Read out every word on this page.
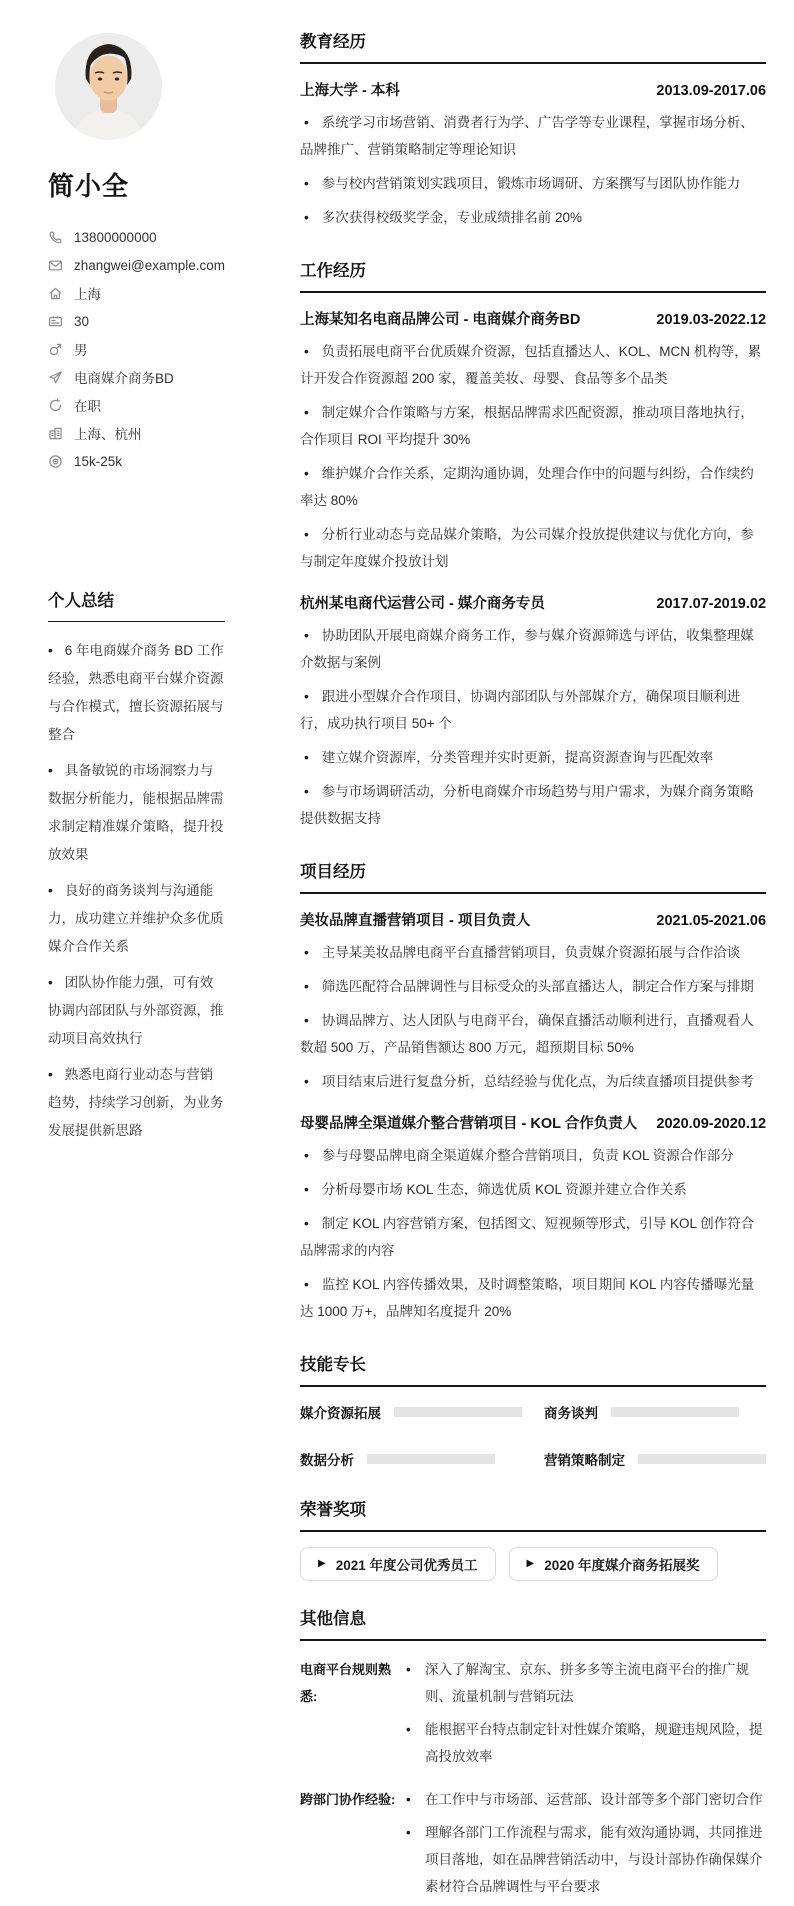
简小全
13800000000
zhangwei@example.com
上海
30
男
电商媒介商务BD
在职
上海、杭州
15k-25k
个人总结
• 6 年电商媒介商务 BD 工作经验，熟悉电商平台媒介资源与合作模式，擅长资源拓展与整合
• 具备敏锐的市场洞察力与数据分析能力，能根据品牌需求制定精准媒介策略，提升投放效果
• 良好的商务谈判与沟通能力，成功建立并维护众多优质媒介合作关系
• 团队协作能力强，可有效协调内部团队与外部资源，推动项目高效执行
• 熟悉电商行业动态与营销趋势，持续学习创新，为业务发展提供新思路
教育经历
上海大学 - 本科	2013.09-2017.06
• 系统学习市场营销、消费者行为学、广告学等专业课程，掌握市场分析、品牌推广、营销策略制定等理论知识
• 参与校内营销策划实践项目，锻炼市场调研、方案撰写与团队协作能力
• 多次获得校级奖学金，专业成绩排名前 20%
工作经历
上海某知名电商品牌公司 - 电商媒介商务BD	2019.03-2022.12
• 负责拓展电商平台优质媒介资源，包括直播达人、KOL、MCN 机构等，累计开发合作资源超 200 家，覆盖美妆、母婴、食品等多个品类
• 制定媒介合作策略与方案，根据品牌需求匹配资源，推动项目落地执行，合作项目 ROI 平均提升 30%
• 维护媒介合作关系，定期沟通协调，处理合作中的问题与纠纷，合作续约率达 80%
• 分析行业动态与竞品媒介策略，为公司媒介投放提供建议与优化方向，参与制定年度媒介投放计划
杭州某电商代运营公司 - 媒介商务专员	2017.07-2019.02
• 协助团队开展电商媒介商务工作，参与媒介资源筛选与评估，收集整理媒介数据与案例
• 跟进小型媒介合作项目，协调内部团队与外部媒介方，确保项目顺利进行，成功执行项目 50+ 个
• 建立媒介资源库，分类管理并实时更新，提高资源查询与匹配效率
• 参与市场调研活动，分析电商媒介市场趋势与用户需求，为媒介商务策略提供数据支持
项目经历
美妆品牌直播营销项目 - 项目负责人	2021.05-2021.06
• 主导某美妆品牌电商平台直播营销项目，负责媒介资源拓展与合作洽谈
• 筛选匹配符合品牌调性与目标受众的头部直播达人，制定合作方案与排期
• 协调品牌方、达人团队与电商平台，确保直播活动顺利进行，直播观看人数超 500 万，产品销售额达 800 万元，超预期目标 50%
• 项目结束后进行复盘分析，总结经验与优化点，为后续直播项目提供参考
母婴品牌全渠道媒介整合营销项目 - KOL 合作负责人 2020.09-2020.12
• 参与母婴品牌电商全渠道媒介整合营销项目，负责 KOL 资源合作部分
• 分析母婴市场 KOL 生态，筛选优质 KOL 资源并建立合作关系
• 制定 KOL 内容营销方案，包括图文、短视频等形式，引导 KOL 创作符合品牌需求的内容
• 监控 KOL 内容传播效果，及时调整策略，项目期间 KOL 内容传播曝光量达 1000 万+，品牌知名度提升 20%
技能专长
媒介资源拓展	商务谈判
数据分析	营销策略制定
荣誉奖项
▶ 2021 年度公司优秀员工	▶ 2020 年度媒介商务拓展奖
其他信息
电商平台规则熟悉:
• 深入了解淘宝、京东、拼多多等主流电商平台的推广规则、流量机制与营销玩法
• 能根据平台特点制定针对性媒介策略，规避违规风险，提高投放效率
跨部门协作经验:	• 在工作中与市场部、运营部、设计部等多个部门密切合作
• 理解各部门工作流程与需求，能有效沟通协调，共同推进项目落地，如在品牌营销活动中，与设计部协作确保媒介素材符合品牌调性与平台要求
